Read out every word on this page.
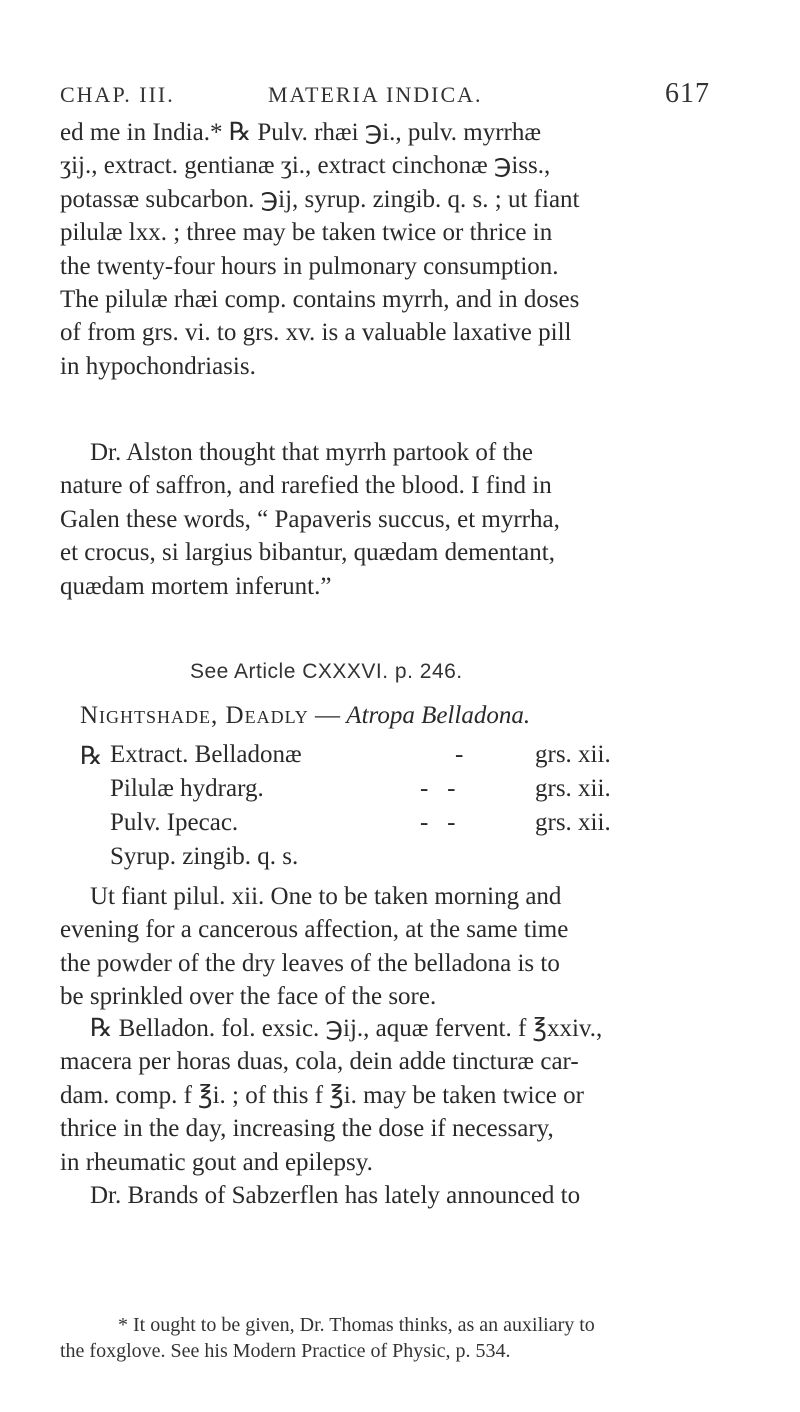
CHAP. III.	MATERIA INDICA.	617
ed me in India.* ℞ Pulv. rhæi ℈i., pulv. myrrhæ
ʒij., extract. gentianæ ʒi., extract cinchonæ ℈iss.,
potassæ subcarbon. ℈ij, syrup. zingib. q. s. ; ut fiant
pilulæ lxx. ; three may be taken twice or thrice in
the twenty-four hours in pulmonary consumption.
The pilulæ rhæi comp. contains myrrh, and in doses
of from grs. vi. to grs. xv. is a valuable laxative pill
in hypochondriasis.
Dr. Alston thought that myrrh partook of the
nature of saffron, and rarefied the blood. I find in
Galen these words, “ Papaveris succus, et myrrha,
et crocus, si largius bibantur, quædam dementant,
quædam mortem inferunt.”
See Article CXXXVI. p. 246.
Nightshade, Deadly — Atropa Belladona.
℞ Extract. Belladonæ	-	grs. xii.
Pilulæ hydrarg.	-   -	grs. xii.
Pulv. Ipecac.	-   -	grs. xii.
Syrup. zingib. q. s.
Ut fiant pilul. xii. One to be taken morning and
evening for a cancerous affection, at the same time
the powder of the dry leaves of the belladona is to
be sprinkled over the face of the sore.
℞ Belladon. fol. exsic. ℈ij., aquæ fervent. f ℥xxiv.,
macera per horas duas, cola, dein adde tincturæ car-
dam. comp. f ℥i. ; of this f ℥i. may be taken twice or
thrice in the day, increasing the dose if necessary,
in rheumatic gout and epilepsy.
Dr. Brands of Sabzerflen has lately announced to
* It ought to be given, Dr. Thomas thinks, as an auxiliary to
the foxglove. See his Modern Practice of Physic, p. 534.
